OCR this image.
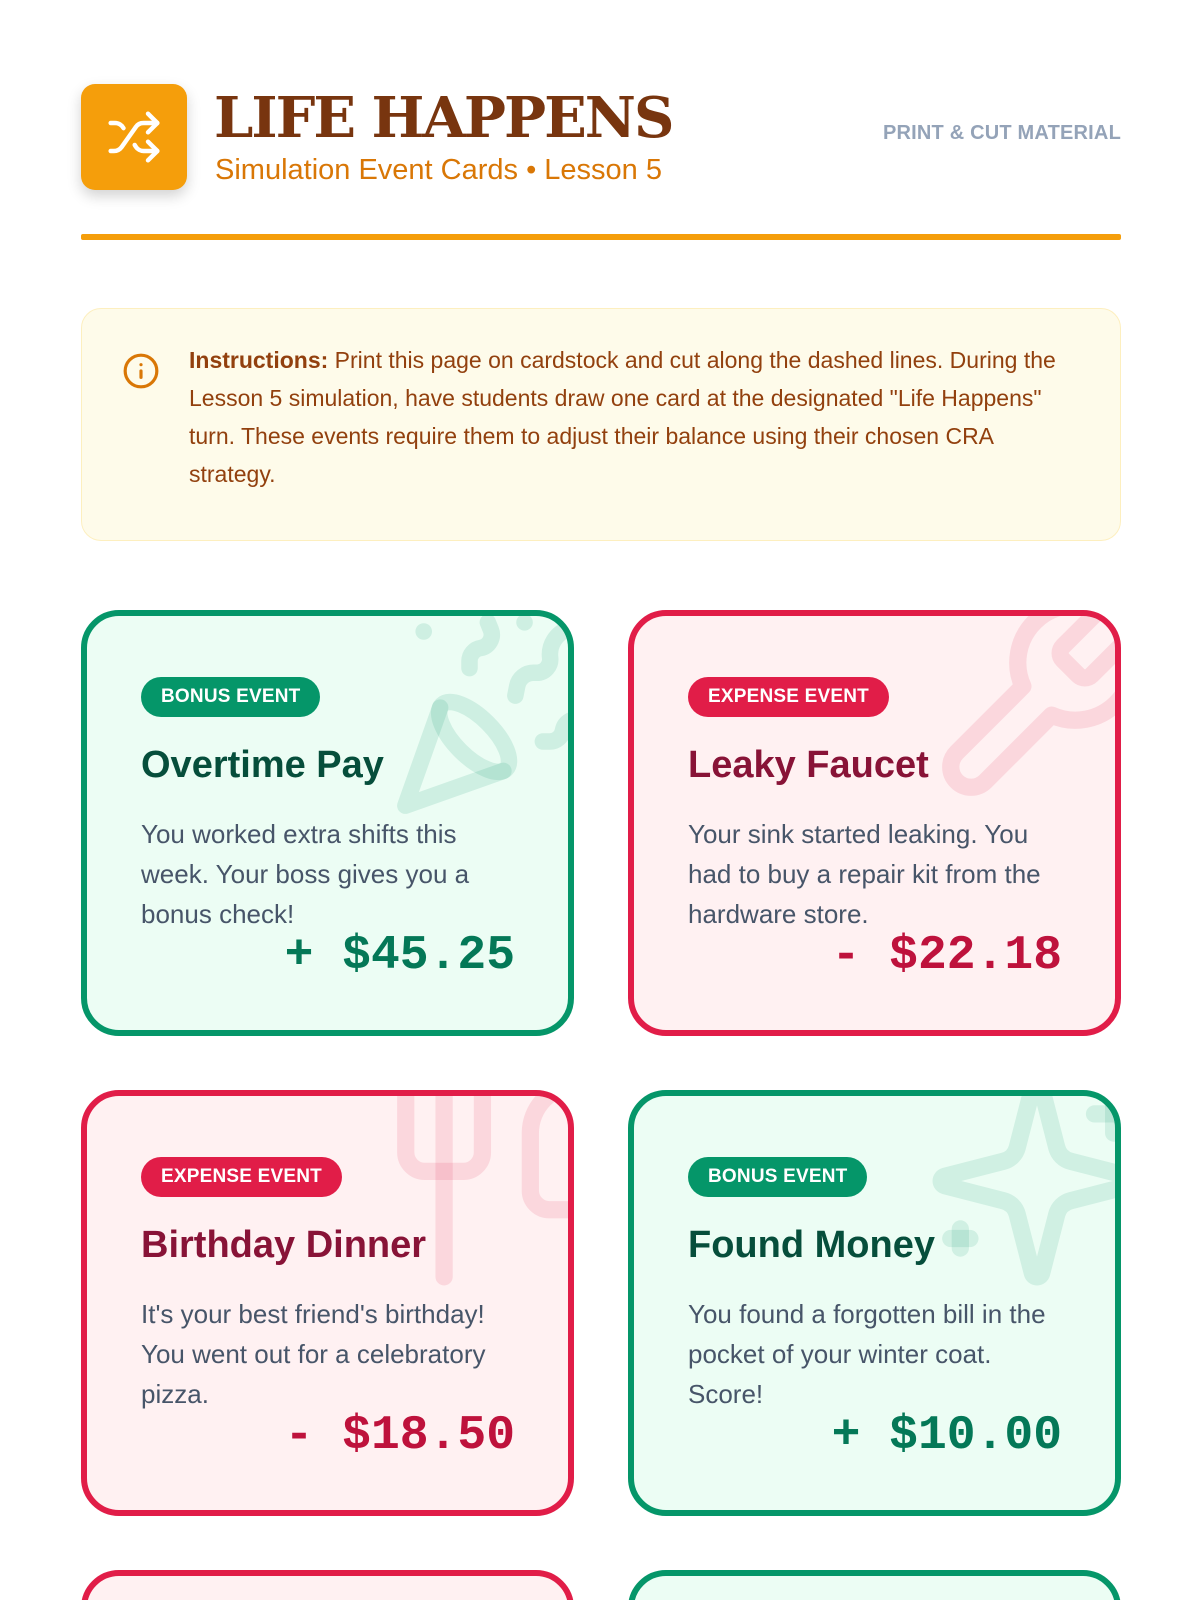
LIFE HAPPENS
Simulation Event Cards • Lesson 5
PRINT & CUT MATERIAL

Instructions: Print this page on cardstock and cut along the dashed lines. During the Lesson 5 simulation, have students draw one card at the designated "Life Happens" turn. These events require them to adjust their balance using their chosen CRA strategy.

BONUS EVENT
Overtime Pay
You worked extra shifts this week. Your boss gives you a bonus check!
+ $45.25
EXPENSE EVENT
Leaky Faucet
Your sink started leaking. You had to buy a repair kit from the hardware store.
- $22.18
EXPENSE EVENT
Birthday Dinner
It's your best friend's birthday! You went out for a celebratory pizza.
- $18.50
BONUS EVENT
Found Money
You found a forgotten bill in the pocket of your winter coat. Score!
+ $10.00
